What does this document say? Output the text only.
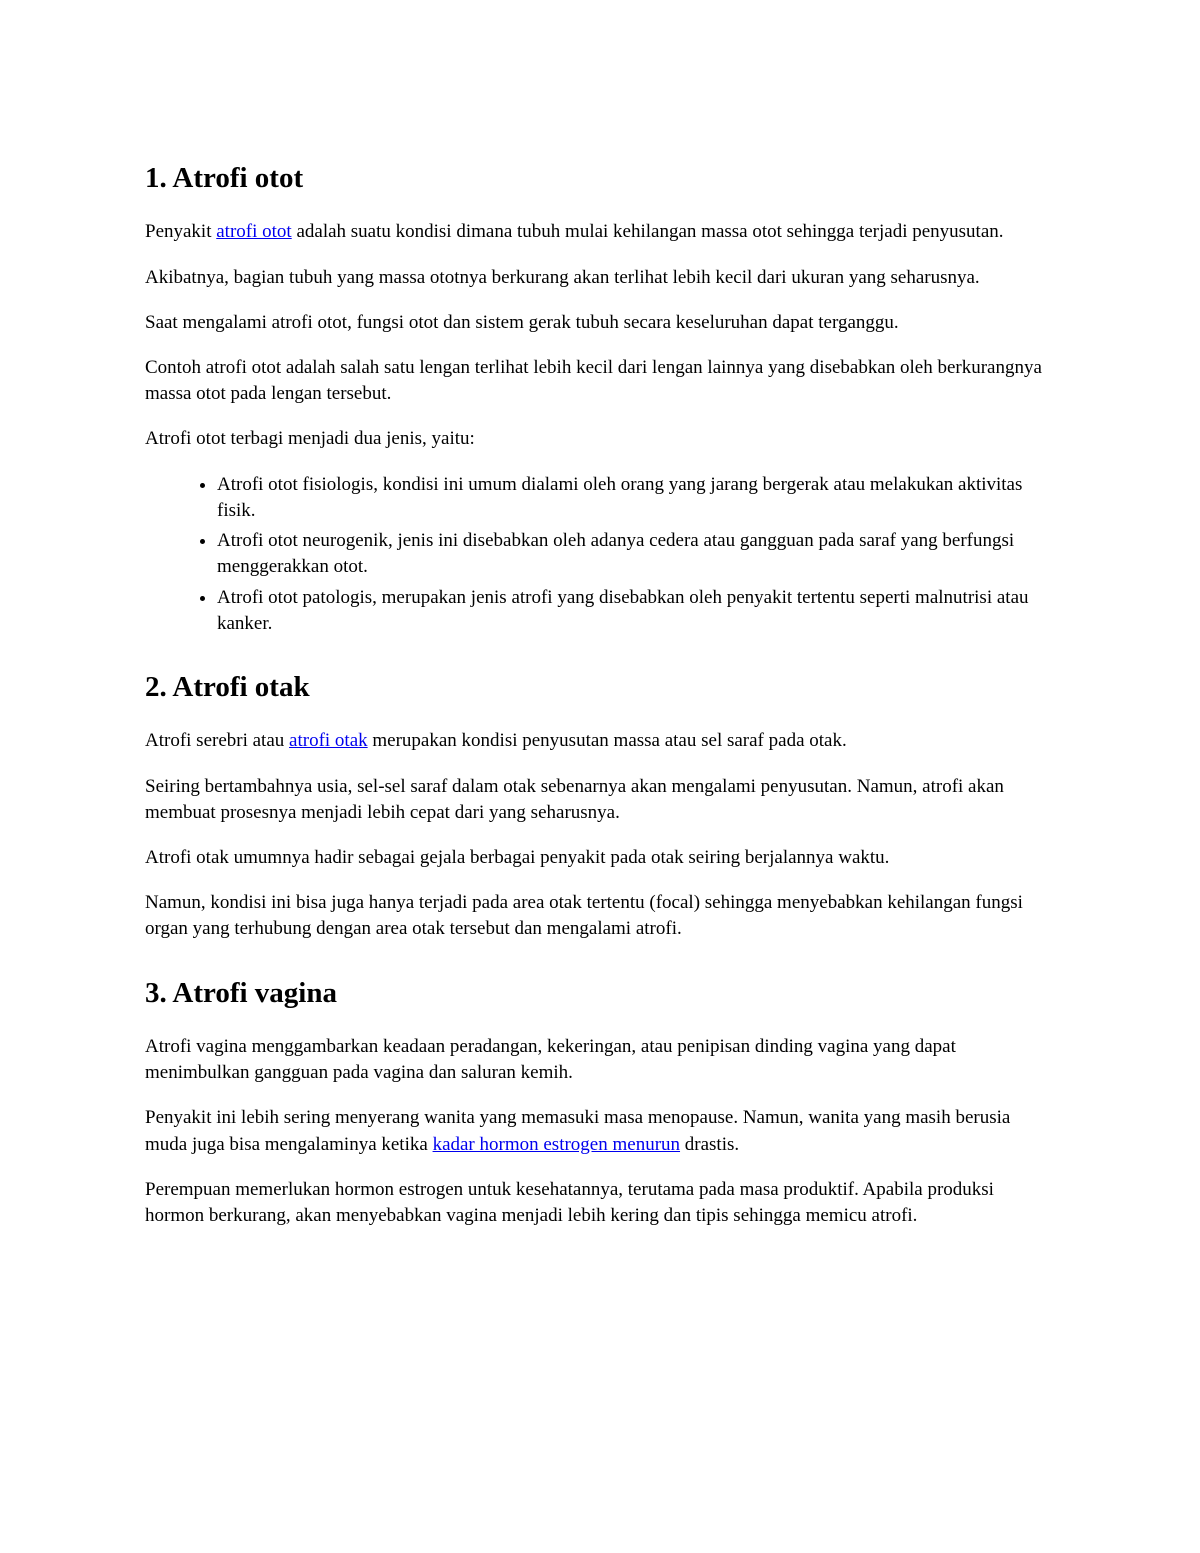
1. Atrofi otot

Penyakit atrofi otot adalah suatu kondisi dimana tubuh mulai kehilangan massa otot sehingga terjadi penyusutan.

Akibatnya, bagian tubuh yang massa ototnya berkurang akan terlihat lebih kecil dari ukuran yang seharusnya.

Saat mengalami atrofi otot, fungsi otot dan sistem gerak tubuh secara keseluruhan dapat terganggu.

Contoh atrofi otot adalah salah satu lengan terlihat lebih kecil dari lengan lainnya yang disebabkan oleh berkurangnya massa otot pada lengan tersebut.

Atrofi otot terbagi menjadi dua jenis, yaitu:

• Atrofi otot fisiologis, kondisi ini umum dialami oleh orang yang jarang bergerak atau melakukan aktivitas fisik.
• Atrofi otot neurogenik, jenis ini disebabkan oleh adanya cedera atau gangguan pada saraf yang berfungsi menggerakkan otot.
• Atrofi otot patologis, merupakan jenis atrofi yang disebabkan oleh penyakit tertentu seperti malnutrisi atau kanker.
2. Atrofi otak

Atrofi serebri atau atrofi otak merupakan kondisi penyusutan massa atau sel saraf pada otak.

Seiring bertambahnya usia, sel-sel saraf dalam otak sebenarnya akan mengalami penyusutan. Namun, atrofi akan membuat prosesnya menjadi lebih cepat dari yang seharusnya.

Atrofi otak umumnya hadir sebagai gejala berbagai penyakit pada otak seiring berjalannya waktu.

Namun, kondisi ini bisa juga hanya terjadi pada area otak tertentu (focal) sehingga menyebabkan kehilangan fungsi organ yang terhubung dengan area otak tersebut dan mengalami atrofi.

3. Atrofi vagina

Atrofi vagina menggambarkan keadaan peradangan, kekeringan, atau penipisan dinding vagina yang dapat menimbulkan gangguan pada vagina dan saluran kemih.

Penyakit ini lebih sering menyerang wanita yang memasuki masa menopause. Namun, wanita yang masih berusia muda juga bisa mengalaminya ketika kadar hormon estrogen menurun drastis.

Perempuan memerlukan hormon estrogen untuk kesehatannya, terutama pada masa produktif. Apabila produksi hormon berkurang, akan menyebabkan vagina menjadi lebih kering dan tipis sehingga memicu atrofi.
